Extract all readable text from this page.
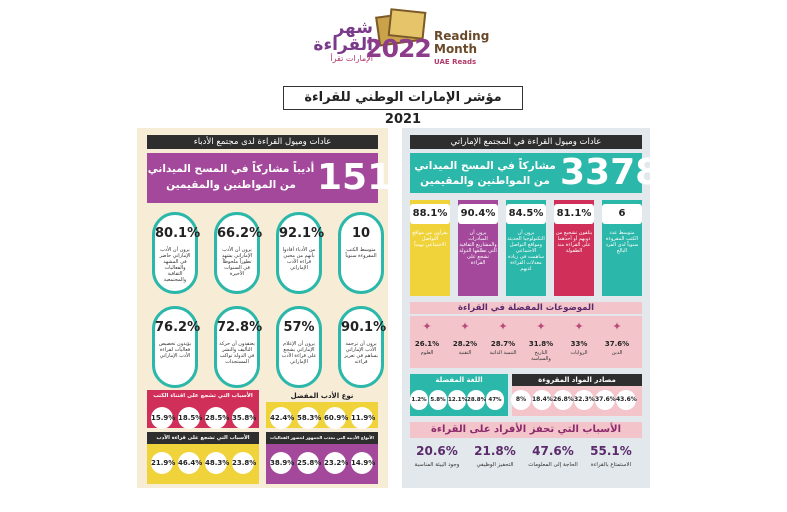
شهر القراءة
الإمارات تقرأ
2022 Reading
Month
UAE Reads
مؤشر الإمارات الوطني للقراءة 2021
عادات وميول القراءة لدى مجتمع الأدباء
151
أديباً مشاركاً في المسح الميداني
من المواطنين والمقيمين
الأسباب التي تشجع على اقتناء الكتب	نوع الأدب المفضل
الأسباب التي تشجع على قراءة الأدب	الأنواع الأدبية التي تجذب الجمهور لحضور الفعاليات
10
متوسط الكتب المقروءة سنوياً
92.1%
من الأدباء أفادوا بأنهم من محبي قراءة الأدب الإماراتي
66.2%
يرون أن الأدب الإماراتي يشهد تطوراً ملحوظاً في السنوات الأخيرة
80.1%
يرون أن الأدب الإماراتي حاضر في المشهد والفعاليات الثقافية والمجتمعية
90.1%
يرون أن ترجمة الأدب الإماراتي يساهم في تعزيز قراءته
57%
يرون أن الإعلام الإماراتي يشجع على قراءة الأدب الإماراتي
72.8%
يعتقدون أن حركة التأليف والنشر في الدولة تواكب المستجدات
76.2%
يؤيدون تخصيص فعاليات لقراءة الأدب الإماراتي
15.9% 18.5% 28.5% 35.8% 42.4% 58.3% 60.9% 11.9%
21.9% 46.4% 48.3% 23.8% 38.9% 25.8% 23.2% 14.9%
عادات وميول القراءة في المجتمع الإماراتي
3378
مشاركاً في المسح الميداني
من المواطنين والمقيمين
الموضوعات المفضلة في القراءة
مصادر المواد المقروءة
اللغة المفضلة
الأسباب التي تحفز الأفراد على القراءة
6
متوسط عدد الكتب المقروءة سنوياً لدى الفرد البالغ
81.1%
يتلقون تشجيع من ذويهم أو أحدهما على القراءة منذ الطفولة
84.5%
يرون أن التكنولوجيا الحديثة ومواقع التواصل الاجتماعي ساهمت في زيادة معدلات القراءة لديهم
90.4%
يرون أن المبادرات والمشاريع الثقافية التي تطلقها الدولة تشجع على القراءة
88.1%
يقرأون من مواقع التواصل الاجتماعي يومياً
✦
37.6%
الدين
✦
33%
الروايات
✦
31.8%
التاريخ والسياسة
✦
28.7%
التنمية الذاتية
✦
28.2%
التقنية
✦
26.1%
العلوم
43.6%
37.6%
32.3%
26.8%
18.4%
8%
47%
28.8%
12.1%
5.8%
1.2%
55.1%
الاستمتاع بالقراءة
47.6%
الحاجة إلى المعلومات
21.8%
التحفيز الوظيفي
20.6%
وجود البيئة المناسبة
